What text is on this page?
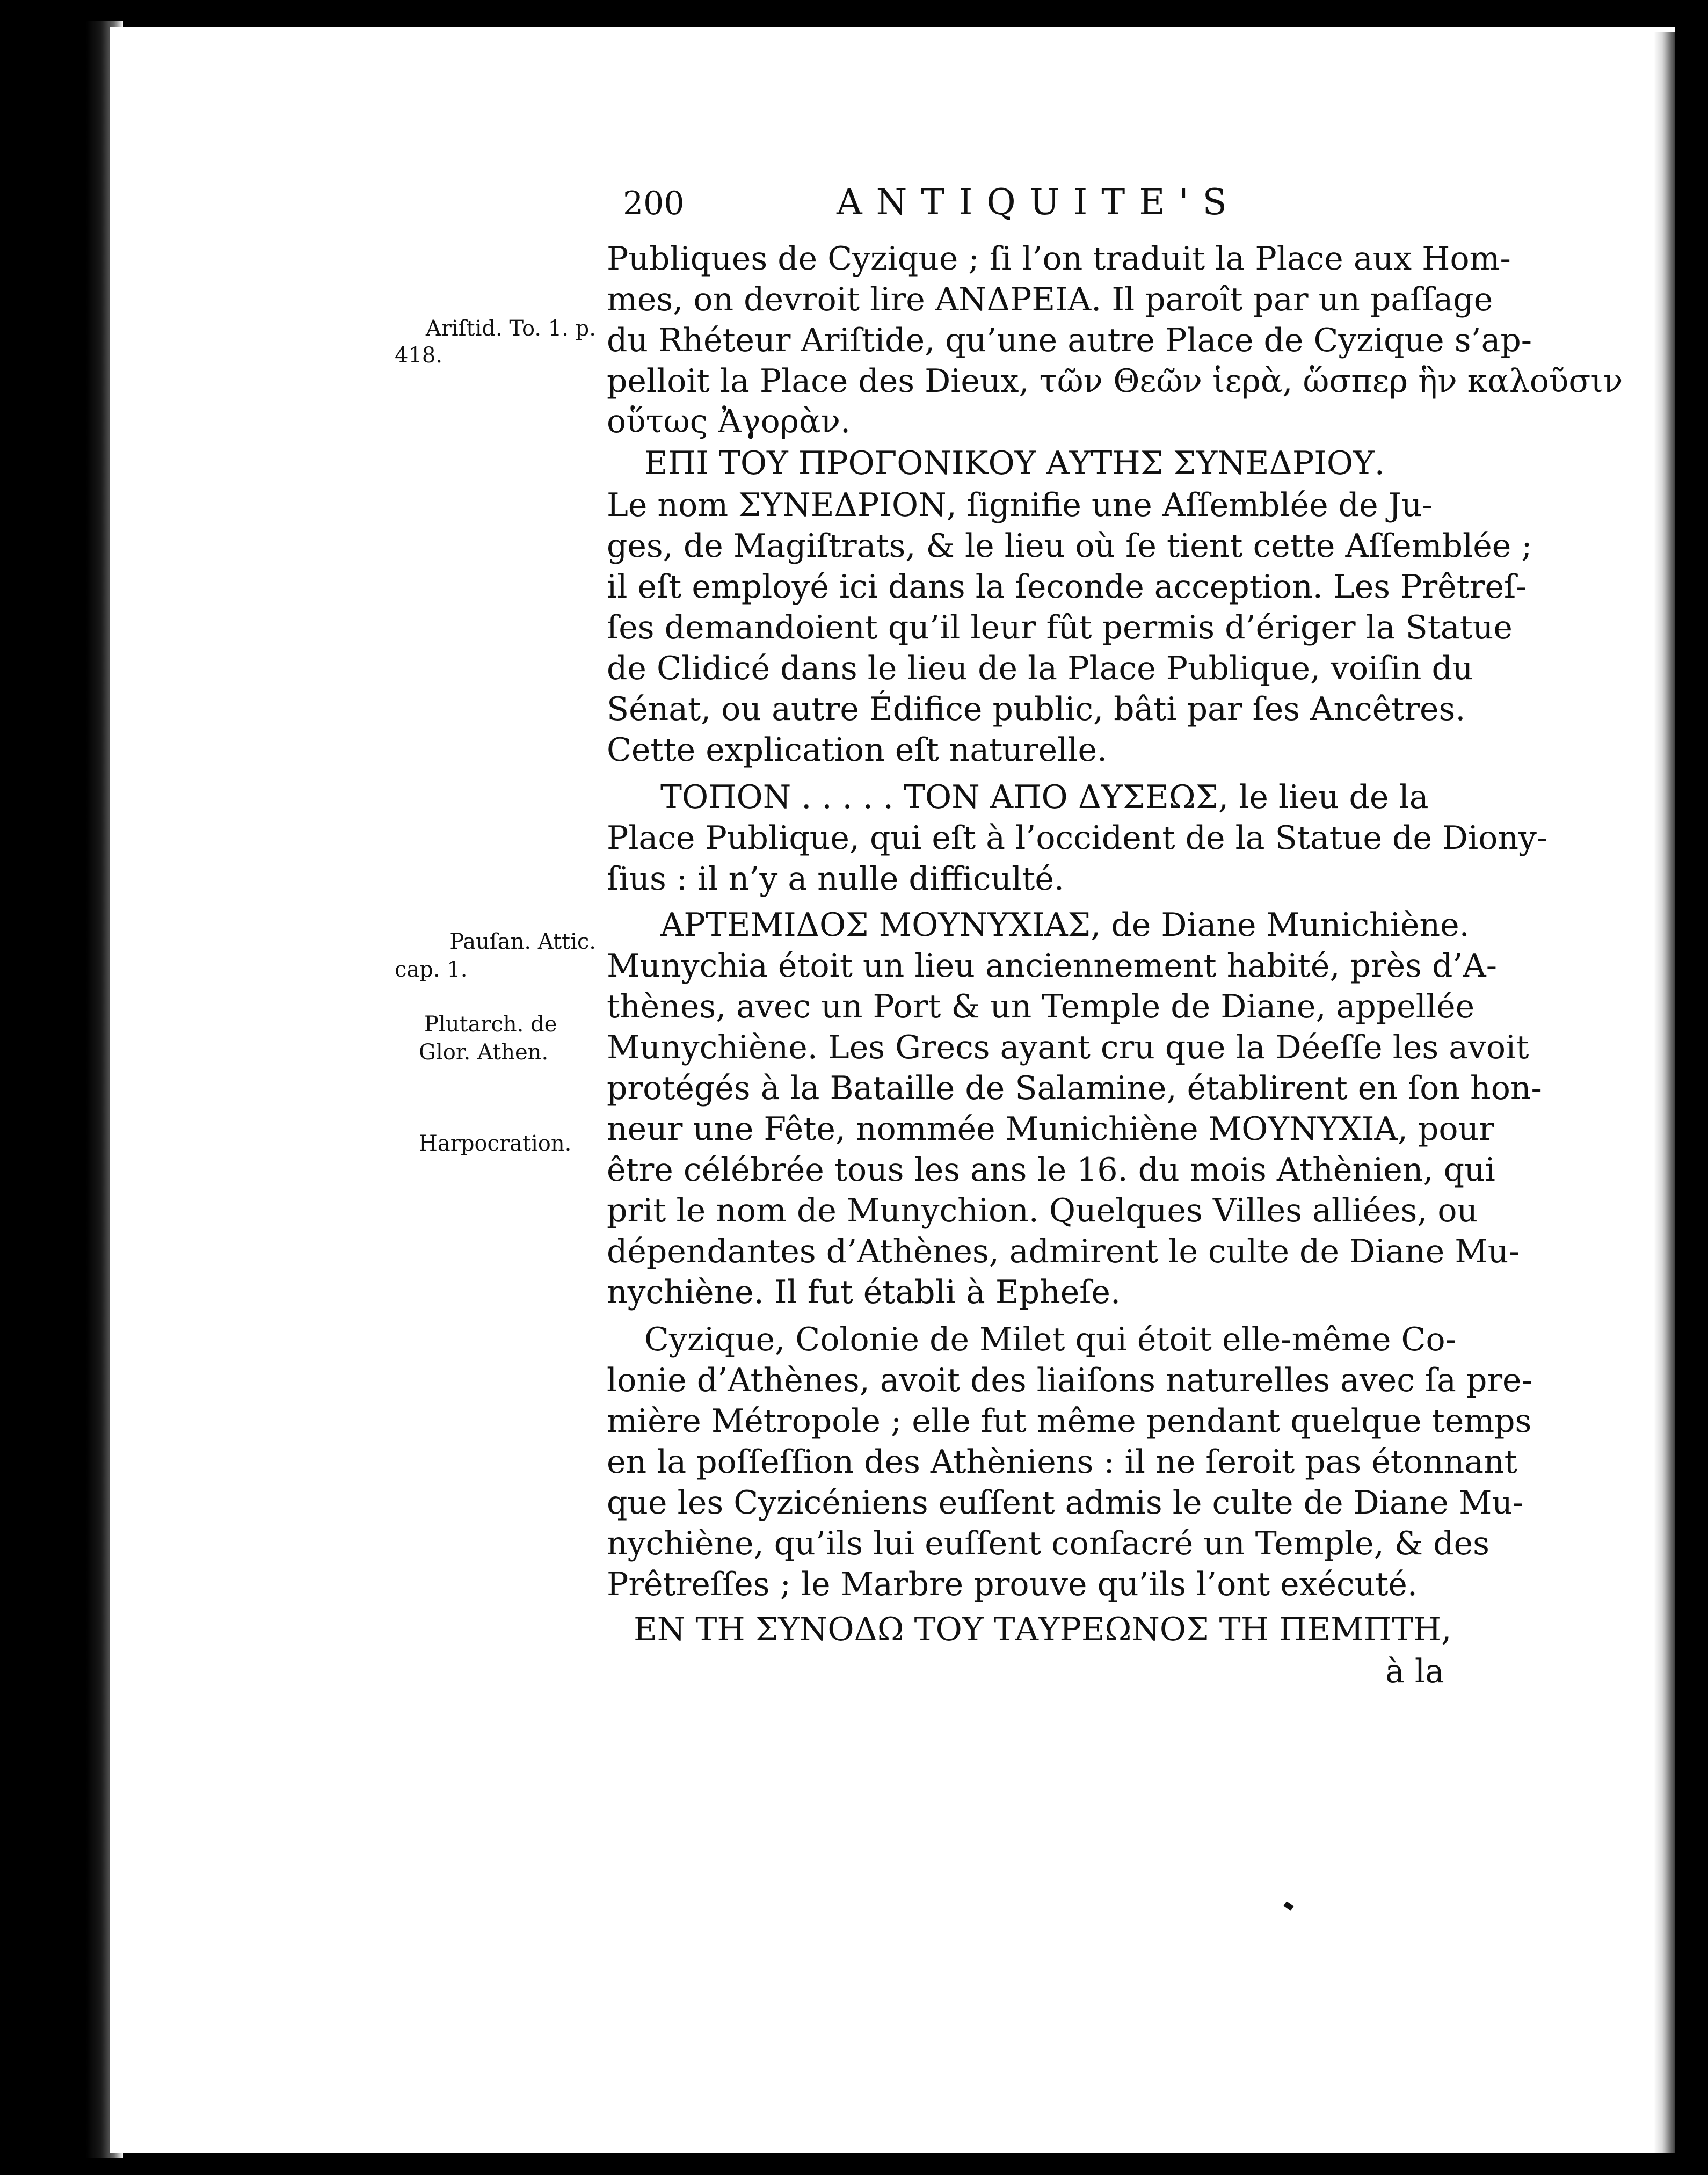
200	ANTIQUITE'S
Ariſtid. To. 1. p.
418.
Pauſan. Attic.
cap. 1.
Plutarch. de
Glor. Athen.
Harpocration.
Publiques de Cyzique ; ſi l’on traduit la Place aux Hom-
mes, on devroit lire ΑΝΔΡΕΙΑ. Il paroît par un paſſage
du Rhéteur Ariſtide, qu’une autre Place de Cyzique s’ap-
pelloit la Place des Dieux, τῶν Θεῶν ἱερὰ, ὥσπερ ἣν καλοῦσιν
οὕτως Ἀγορὰν.
ΕΠΙ ΤΟΥ ΠΡΟΓΟΝΙΚΟΥ ΑΥΤΗΣ ΣΥΝΕΔΡΙΟΥ.
Le nom ΣΥΝΕΔΡΙΟΝ, ſignifie une Aſſemblée de Ju-
ges, de Magiſtrats, & le lieu où ſe tient cette Aſſemblée ;
il eſt employé ici dans la ſeconde acception. Les Prêtreſ-
ſes demandoient qu’il leur fût permis d’ériger la Statue
de Clidicé dans le lieu de la Place Publique, voiſin du
Sénat, ou autre Édifice public, bâti par ſes Ancêtres.
Cette explication eſt naturelle.
ΤΟΠΟΝ . . . . . ΤΟΝ ΑΠΟ ΔΥΣΕΩΣ, le lieu de la
Place Publique, qui eſt à l’occident de la Statue de Diony-
ſius : il n’y a nulle difficulté.
ΑΡΤΕΜΙΔΟΣ ΜΟΥΝΥΧΙΑΣ, de Diane Munichiène.
Munychia étoit un lieu anciennement habité, près d’A-
thènes, avec un Port & un Temple de Diane, appellée
Munychiène. Les Grecs ayant cru que la Déeſſe les avoit
protégés à la Bataille de Salamine, établirent en ſon hon-
neur une Fête, nommée Munichiène ΜΟΥΝΥΧΙΑ, pour
être célébrée tous les ans le 16. du mois Athènien, qui
prit le nom de Munychion. Quelques Villes alliées, ou
dépendantes d’Athènes, admirent le culte de Diane Mu-
nychiène. Il fut établi à Epheſe.
Cyzique, Colonie de Milet qui étoit elle-même Co-
lonie d’Athènes, avoit des liaiſons naturelles avec ſa pre-
mière Métropole ; elle fut même pendant quelque temps
en la poſſeſſion des Athèniens : il ne ſeroit pas étonnant
que les Cyzicéniens euſſent admis le culte de Diane Mu-
nychiène, qu’ils lui euſſent conſacré un Temple, & des
Prêtreſſes ; le Marbre prouve qu’ils l’ont exécuté.
ΕΝ ΤΗ ΣΥΝΟΔΩ ΤΟΥ ΤΑΥΡΕΩΝΟΣ ΤΗ ΠΕΜΠΤΗ,
à la
